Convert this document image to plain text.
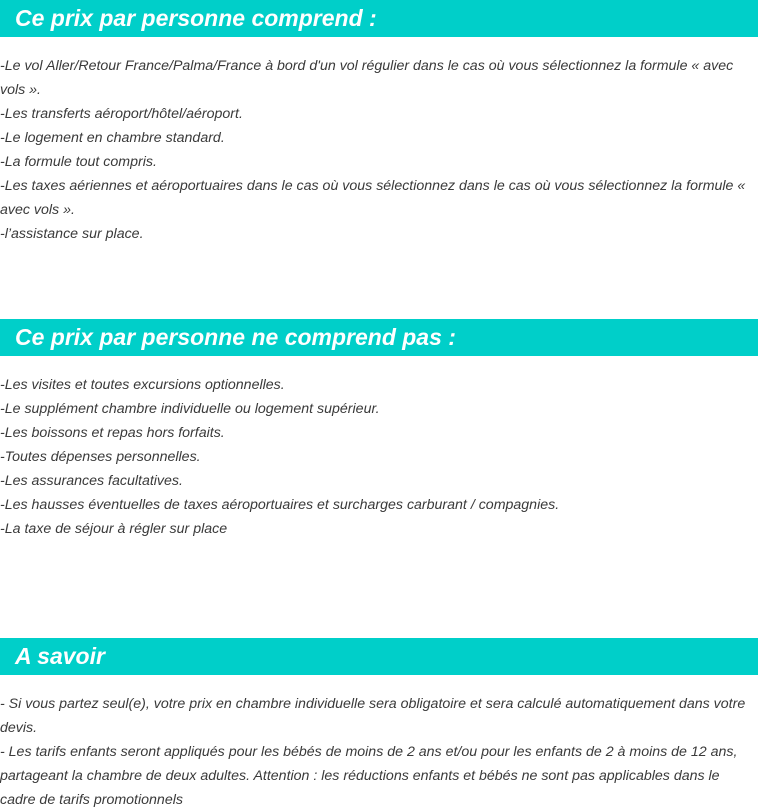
Ce prix par personne comprend :
-Le vol Aller/Retour France/Palma/France à bord d'un vol régulier dans le cas où vous sélectionnez la formule « avec vols ».
-Les transferts aéroport/hôtel/aéroport.
-Le logement en chambre standard.
-La formule tout compris.
-Les taxes aériennes et aéroportuaires dans le cas où vous sélectionnez dans le cas où vous sélectionnez la formule « avec vols ».
-l’assistance sur place.
Ce prix par personne ne comprend pas :
-Les visites et toutes excursions optionnelles.
-Le supplément chambre individuelle ou logement supérieur.
-Les boissons et repas hors forfaits.
-Toutes dépenses personnelles.
-Les assurances facultatives.
-Les hausses éventuelles de taxes aéroportuaires et surcharges carburant / compagnies.
-La taxe de séjour à régler sur place
A savoir
- Si vous partez seul(e), votre prix en chambre individuelle sera obligatoire et sera calculé automatiquement dans votre devis.
- Les tarifs enfants seront appliqués pour les bébés de moins de 2 ans et/ou pour les enfants de 2 à moins de 12 ans, partageant la chambre de deux adultes. Attention : les réductions enfants et bébés ne sont pas applicables dans le cadre de tarifs promotionnels
